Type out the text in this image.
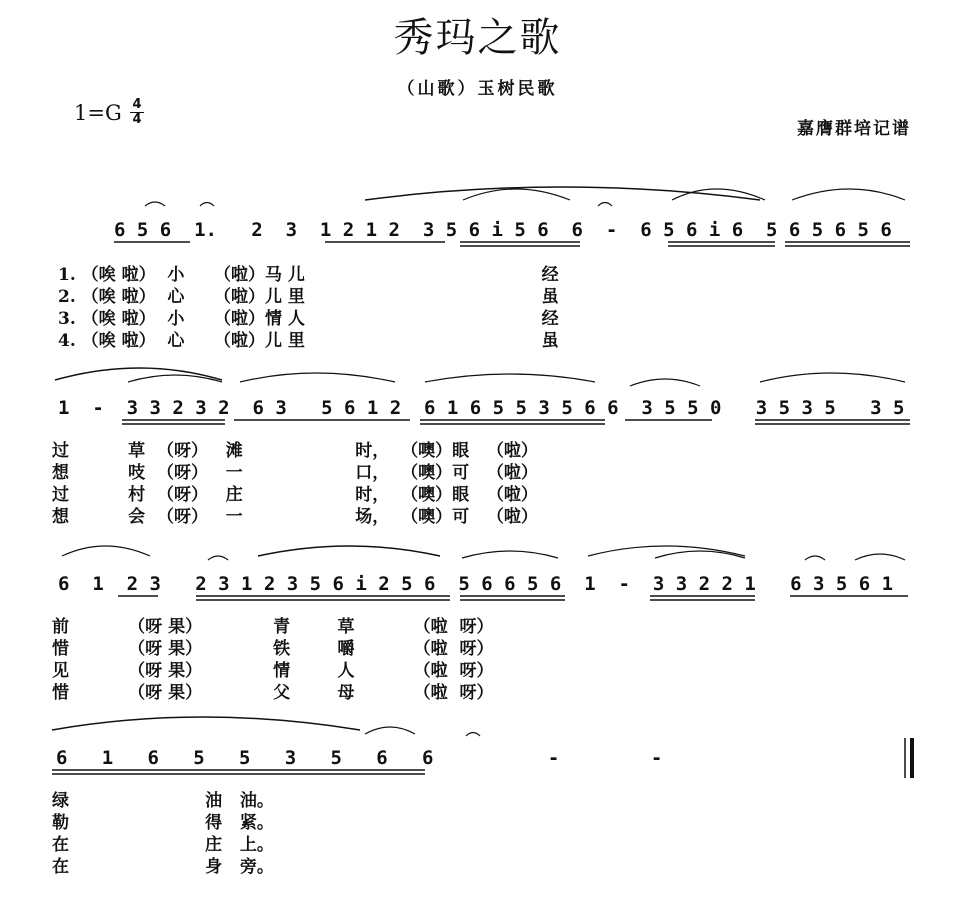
秀玛之歌
（山歌）玉树民歌
1=G 4
4	嘉膺群培记谱
6 5 6  1.   2  3  1 2 1 2  3 5 6 i 5 6  6  -  6 5 6 i 6  5 6 5 6 5 6
1. （唉 啦）  小     （啦）马 儿                                        经
2. （唉 啦）  心     （啦）儿 里                                        虽
3. （唉 啦）  小     （啦）情 人                                        经
4. （唉 啦）  心     （啦）儿 里                                        虽
1  -  3 3 2 3 2  6 3   5 6 1 2  6 1 6 5 5 3 5 6 6  3 5 5 0   3 5 3 5   3 5
过          草  （呀）   滩                   时，  （噢）眼   （啦）
想          吱  （呀）   一                   口，  （噢）可   （啦）
过          村  （呀）   庄                   时，  （噢）眼   （啦）
想          会  （呀）   一                   场，  （噢）可   （啦）
6  1  2 3   2 3 1 2 3 5 6 i 2 5 6  5 6 6 5 6  1  -  3 3 2 2 1   6 3 5 6 1
前          （呀 果）            青        草          （啦  呀）
惜          （呀 果）            铁        嚼          （啦  呀）
见          （呀 果）            情        人          （啦  呀）
惜          （呀 果）            父        母          （啦  呀）
6   1   6   5   5   3   5   6   6          -        -
绿                       油   油。
勒                       得   紧。
在                       庄   上。
在                       身   旁。
